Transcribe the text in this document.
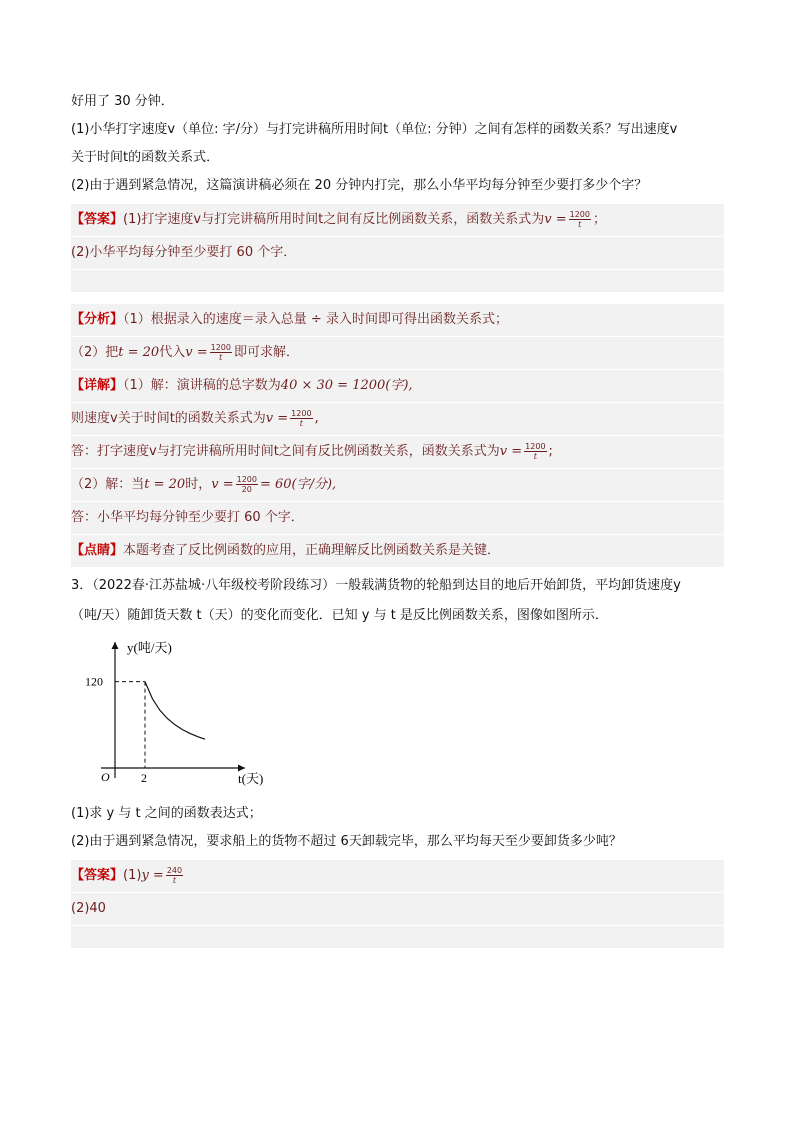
好用了 30 分钟．

(1)小华打字速度v（单位: 字/分）与打完讲稿所用时间t（单位: 分钟）之间有怎样的函数关系？写出速度v

关于时间t的函数关系式．

(2)由于遇到紧急情况，这篇演讲稿必须在 20 分钟内打完，那么小华平均每分钟至少要打多少个字？

【答案】(1)打字速度v与打完讲稿所用时间t之间有反比例函数关系，函数关系式为$v = \frac{1200}{t}$ ；
(2)小华平均每分钟至少要打 60 个字．
【分析】（1）根据录入的速度＝录入总量 ÷ 录入时间即可得出函数关系式；
（2）把t = 20代入$v = \frac{1200}{t}$ 即可求解．
【详解】（1）解：演讲稿的总字数为40 × 30 = 1200(字),
则速度v关于时间t的函数关系式为$v = \frac{1200}{t}$ ,
答：打字速度v与打完讲稿所用时间t之间有反比例函数关系，函数关系式为$v = \frac{1200}{t}$ ;
（2）解：当t = 20时，$v = \frac{1200}{20} = 60$(字/分),
答：小华平均每分钟至少要打 60 个字．
【点睛】本题考查了反比例函数的应用，正确理解反比例函数关系是关键．

3．（2022春·江苏盐城·八年级校考阶段练习）一般载满货物的轮船到达目的地后开始卸货，平均卸货速度y

（吨/天）随卸货天数 t（天）的变化而变化．已知 y 与 t 是反比例函数关系，图像如图所示．

y(吨/天)
t(天)
O
120
2

(1)求 y 与 t 之间的函数表达式；

(2)由于遇到紧急情况，要求船上的货物不超过 6天卸载完毕，那么平均每天至少要卸货多少吨？

【答案】$(1)y = \frac{240}{t}$
(2)40
